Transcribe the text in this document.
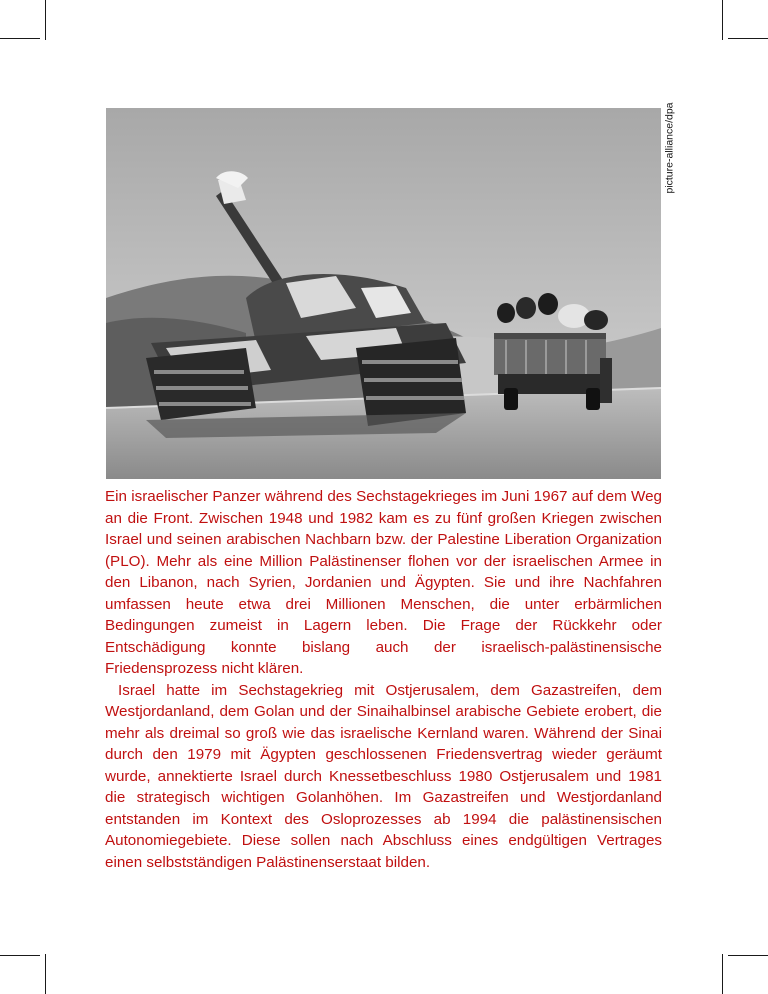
picture-alliance/dpa

Ein israelischer Panzer während des Sechstagekrieges im Juni 1967 auf dem Weg an die Front. Zwischen 1948 und 1982 kam es zu fünf großen Kriegen zwischen Israel und seinen arabischen Nachbarn bzw. der Palestine Liberation Organization (PLO). Mehr als eine Million Palästinenser flohen vor der israelischen Armee in den Libanon, nach Syrien, Jordanien und Ägypten. Sie und ihre Nachfahren umfassen heute etwa drei Millionen Menschen, die unter erbärmlichen Bedingungen zumeist in Lagern leben. Die Frage der Rückkehr oder Entschädigung konnte bislang auch der israelisch-palästinensische Friedensprozess nicht klären.

Israel hatte im Sechstagekrieg mit Ostjerusalem, dem Gazastreifen, dem Westjordanland, dem Golan und der Sinaihalbinsel arabische Gebiete erobert, die mehr als dreimal so groß wie das israelische Kernland waren. Während der Sinai durch den 1979 mit Ägypten geschlossenen Friedensvertrag wieder geräumt wurde, annektierte Israel durch Knessetbeschluss 1980 Ostjerusalem und 1981 die strategisch wichtigen Golanhöhen. Im Gazastreifen und Westjordanland entstanden im Kontext des Osloprozesses ab 1994 die palästinensischen Autonomiegebiete. Diese sollen nach Abschluss eines endgültigen Vertrages einen selbstständigen Palästinenserstaat bilden.
